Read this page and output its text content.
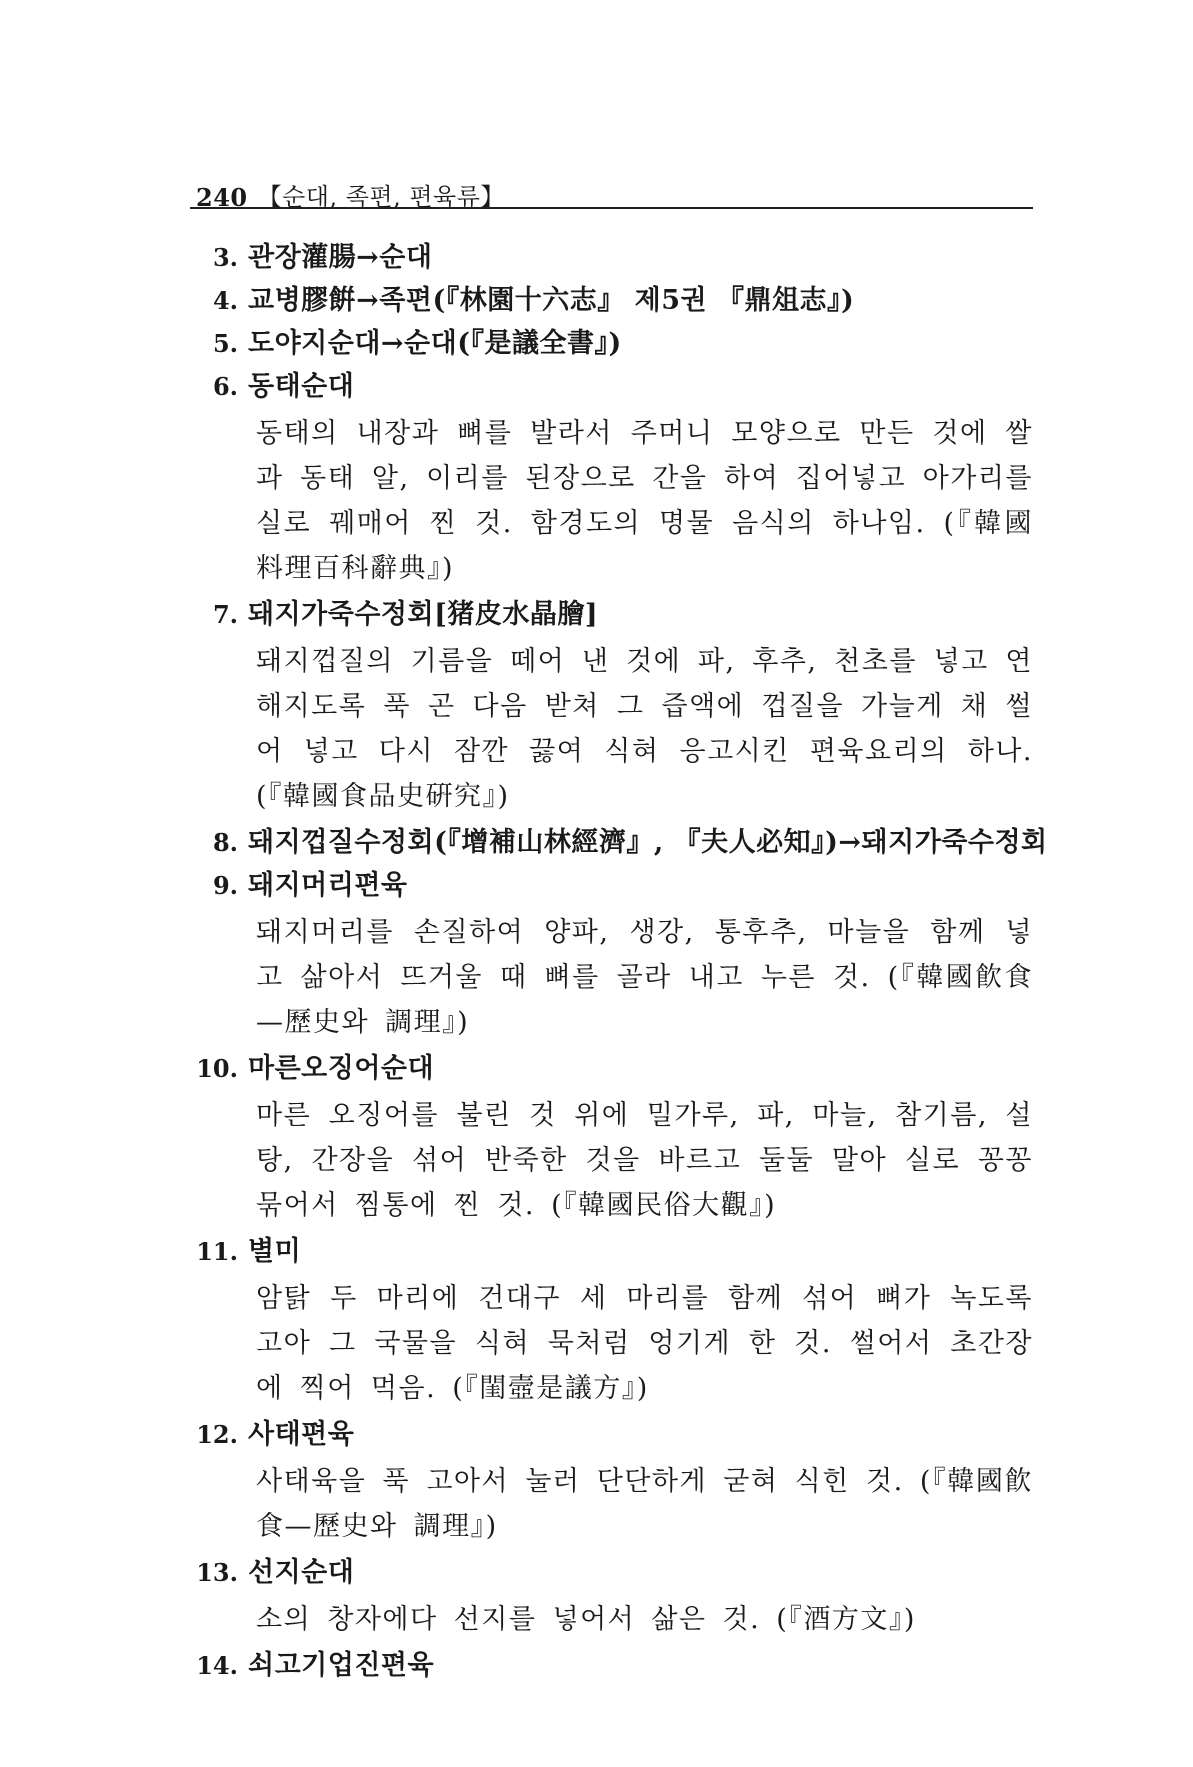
240 【순대, 족편, 편육류】
3. 관장灌腸→순대
4. 교병膠餠→족편(『林園十六志』 제5권 『鼎俎志』)
5. 도야지순대→순대(『是議全書』)
6. 동태순대
동태의 내장과 뼈를 발라서 주머니 모양으로 만든 것에 쌀과 동태 알, 이리를 된장으로 간을 하여 집어넣고 아가리를 실로 꿰매어 찐 것. 함경도의 명물 음식의 하나임. (『韓國料理百科辭典』)
7. 돼지가죽수정회[猪皮水晶膾]
돼지껍질의 기름을 떼어 낸 것에 파, 후추, 천초를 넣고 연해지도록 푹 곤 다음 받쳐 그 즙액에 껍질을 가늘게 채 썰어 넣고 다시 잠깐 끓여 식혀 응고시킨 편육요리의 하나. (『韓國食品史硏究』)
8. 돼지껍질수정회(『增補山林經濟』, 『夫人必知』)→돼지가죽수정회
9. 돼지머리편육
돼지머리를 손질하여 양파, 생강, 통후추, 마늘을 함께 넣고 삶아서 뜨거울 때 뼈를 골라 내고 누른 것. (『韓國飮食—歷史와 調理』)
10. 마른오징어순대
마른 오징어를 불린 것 위에 밀가루, 파, 마늘, 참기름, 설탕, 간장을 섞어 반죽한 것을 바르고 둘둘 말아 실로 꽁꽁 묶어서 찜통에 찐 것. (『韓國民俗大觀』)
11. 별미
암탉 두 마리에 건대구 세 마리를 함께 섞어 뼈가 녹도록 고아 그 국물을 식혀 묵처럼 엉기게 한 것. 썰어서 초간장에 찍어 먹음. (『閨壼是議方』)
12. 사태편육
사태육을 푹 고아서 눌러 단단하게 굳혀 식힌 것. (『韓國飮食—歷史와 調理』)
13. 선지순대
소의 창자에다 선지를 넣어서 삶은 것. (『酒方文』)
14. 쇠고기업진편육
